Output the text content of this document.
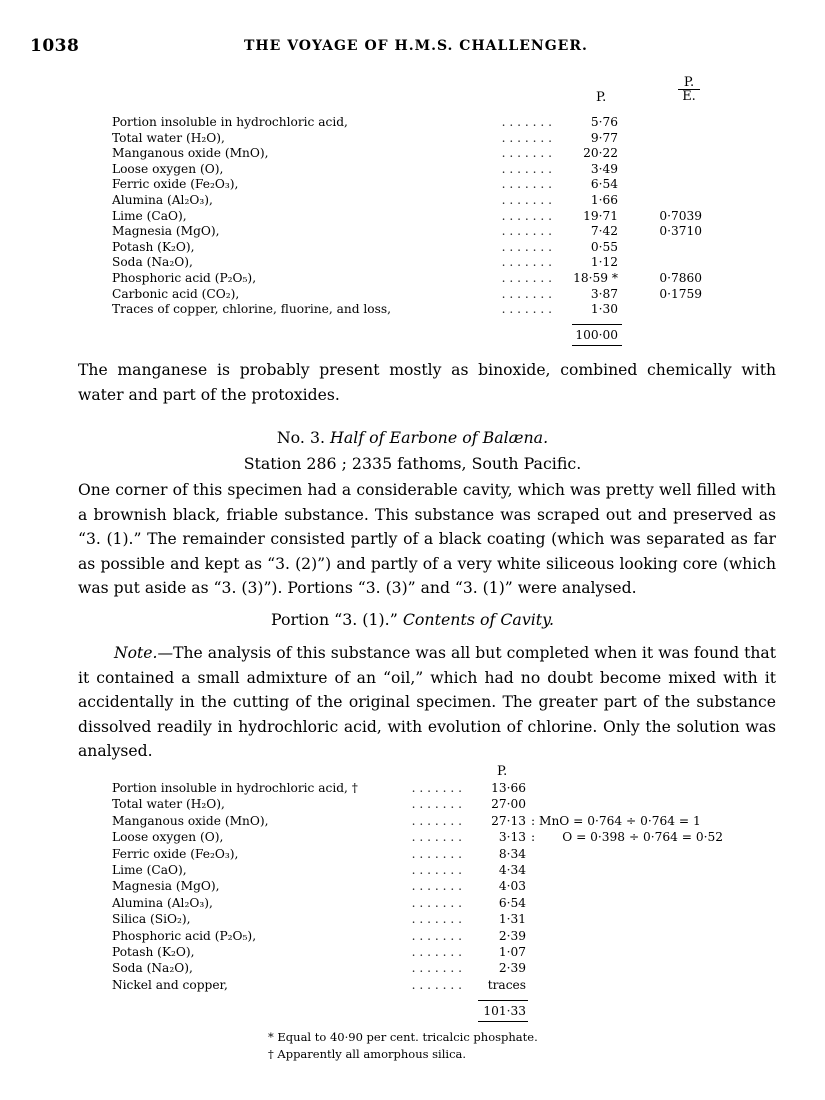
1038	THE VOYAGE OF H.M.S. CHALLENGER.
P.	$\frac{P.}{E.}$
Portion insoluble in hydrochloric acid,	. . . . . . .	5·76
Total water (H₂O),	. . . . . . .	9·77
Manganous oxide (MnO),	. . . . . . .	20·22
Loose oxygen (O),	. . . . . . .	3·49
Ferric oxide (Fe₂O₃),	. . . . . . .	6·54
Alumina (Al₂O₃),	. . . . . . .	1·66
Lime (CaO),	. . . . . . .	19·71	0·7039
Magnesia (MgO),	. . . . . . .	7·42	0·3710
Potash (K₂O),	. . . . . . .	0·55
Soda (Na₂O),	. . . . . . .	1·12
Phosphoric acid (P₂O₅),	. . . . . . .	18·59 *	0·7860
Carbonic acid (CO₂),	. . . . . . .	3·87	0·1759
Traces of copper, chlorine, fluorine, and loss,	. . . . . . .	1·30
100·00
The manganese is probably present mostly as binoxide, combined chemically with water and part of the protoxides.
No. 3. Half of Earbone of Balæna.
Station 286 ; 2335 fathoms, South Pacific.
One corner of this specimen had a considerable cavity, which was pretty well filled with a brownish black, friable substance. This substance was scraped out and preserved as “3. (1).” The remainder consisted partly of a black coating (which was separated as far as possible and kept as “3. (2)”) and partly of a very white siliceous looking core (which was put aside as “3. (3)”). Portions “3. (3)” and “3. (1)” were analysed.
Portion “3. (1).” Contents of Cavity.
Note.—The analysis of this substance was all but completed when it was found that it contained a small admixture of an “oil,” which had no doubt become mixed with it accidentally in the cutting of the original specimen. The greater part of the substance dissolved readily in hydrochloric acid, with evolution of chlorine. Only the solution was analysed.
P.
Portion insoluble in hydrochloric acid, †	. . . . . . .	13·66
Total water (H₂O),	. . . . . . .	27·00
Manganous oxide (MnO),	. . . . . . .	27·13 : MnO = 0·764 ÷ 0·764 = 1
Loose oxygen (O),	. . . . . . .	3·13 :       O = 0·398 ÷ 0·764 = 0·52
Ferric oxide (Fe₂O₃),	. . . . . . .	8·34
Lime (CaO),	. . . . . . .	4·34
Magnesia (MgO),	. . . . . . .	4·03
Alumina (Al₂O₃),	. . . . . . .	6·54
Silica (SiO₂),	. . . . . . .	1·31
Phosphoric acid (P₂O₅),	. . . . . . .	2·39
Potash (K₂O),	. . . . . . .	1·07
Soda (Na₂O),	. . . . . . .	2·39
Nickel and copper,	. . . . . . .	traces
101·33
* Equal to 40·90 per cent. tricalcic phosphate.
† Apparently all amorphous silica.
